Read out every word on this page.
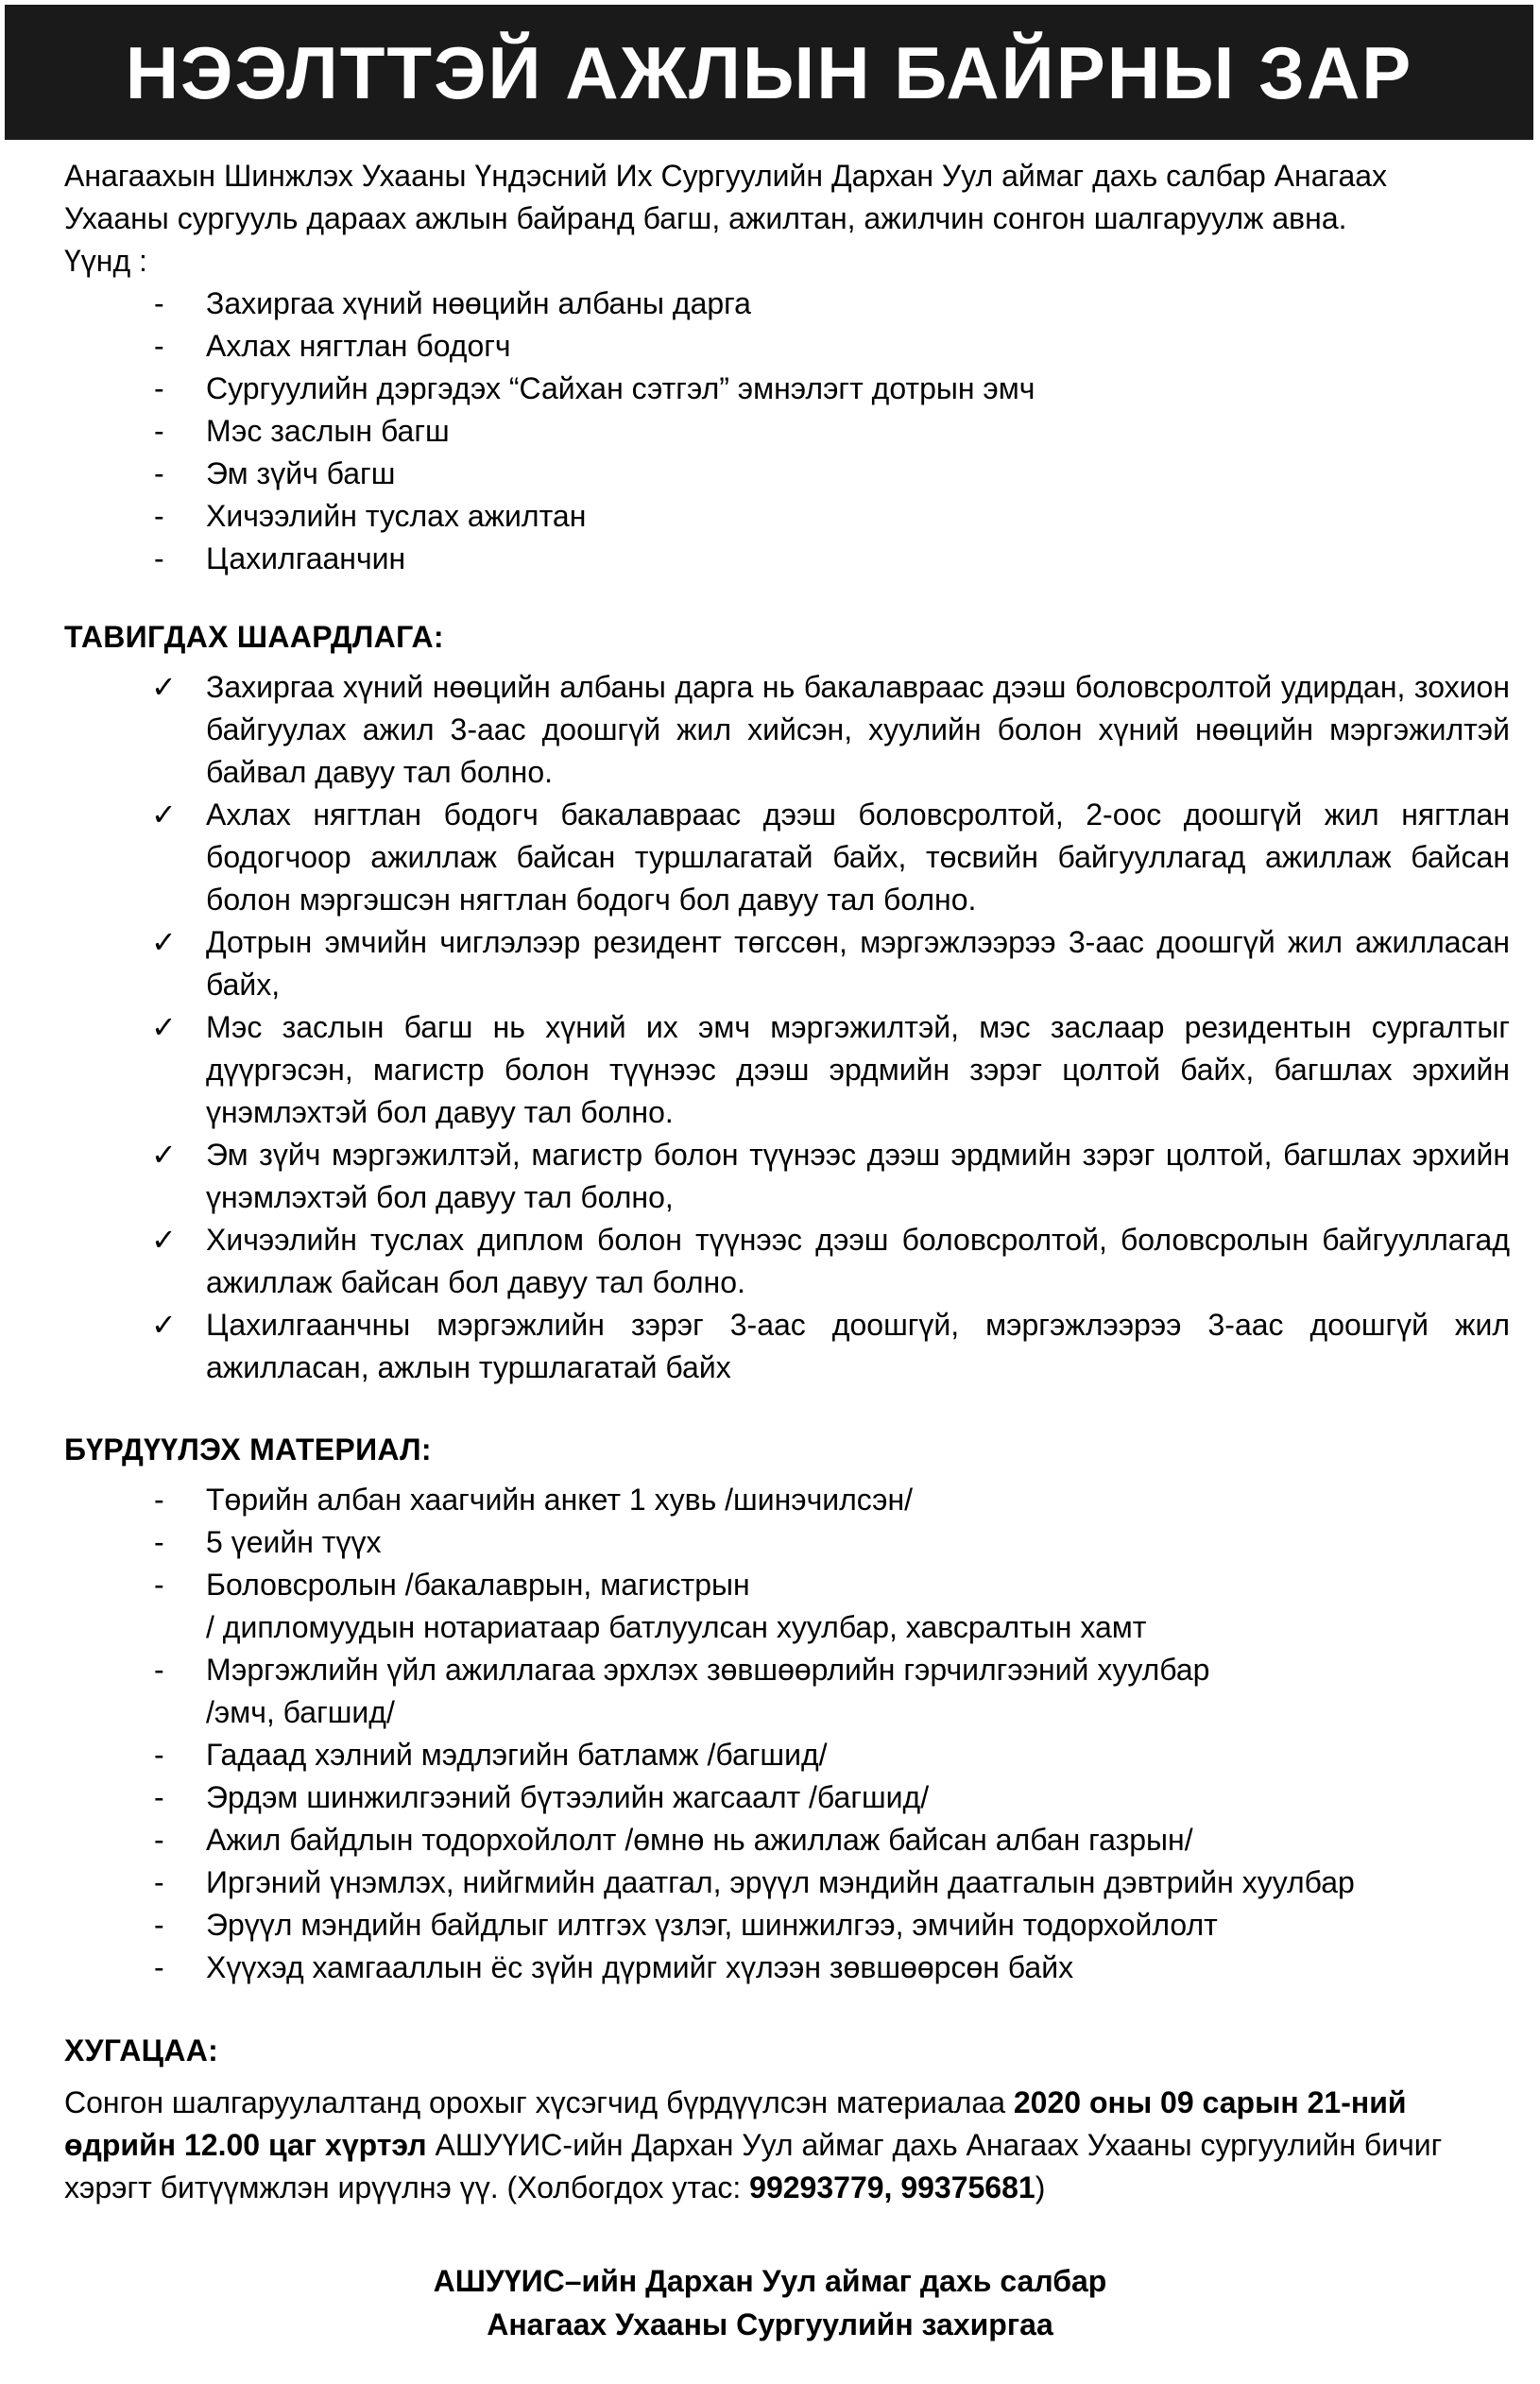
НЭЭЛТТЭЙ АЖЛЫН БАЙРНЫ ЗАР

Анагаахын Шинжлэх Ухааны Үндэсний Их Сургуулийн Дархан Уул аймаг дахь салбар Анагаах

Ухааны сургууль дараах ажлын байранд багш, ажилтан, ажилчин сонгон шалгаруулж авна.

Үүнд :

- Захиргаа хүний нөөцийн албаны дарга
- Ахлах нягтлан бодогч
- Сургуулийн дэргэдэх “Сайхан сэтгэл” эмнэлэгт дотрын эмч
- Мэс заслын багш
- Эм зүйч багш
- Хичээлийн туслах ажилтан
- Цахилгаанчин

ТАВИГДАХ ШААРДЛАГА:

✓ Захиргаа хүний нөөцийн албаны дарга нь бакалавраас дээш боловсролтой удирдан, зохион байгуулах ажил 3-аас доошгүй жил хийсэн, хуулийн болон хүний нөөцийн мэргэжилтэй байвал давуу тал болно.
✓ Ахлах нягтлан бодогч бакалавраас дээш боловсролтой, 2-оос доошгүй жил нягтлан бодогчоор ажиллаж байсан туршлагатай байх, төсвийн байгууллагад ажиллаж байсан болон мэргэшсэн нягтлан бодогч бол давуу тал болно.
✓ Дотрын эмчийн чиглэлээр резидент төгссөн, мэргэжлээрээ 3-аас доошгүй жил ажилласан байх,
✓ Мэс заслын багш нь хүний их эмч мэргэжилтэй, мэс заслаар резидентын сургалтыг дүүргэсэн, магистр болон түүнээс дээш эрдмийн зэрэг цолтой байх, багшлах эрхийн үнэмлэхтэй бол давуу тал болно.
✓ Эм зүйч мэргэжилтэй, магистр болон түүнээс дээш эрдмийн зэрэг цолтой, багшлах эрхийн үнэмлэхтэй бол давуу тал болно,
✓ Хичээлийн туслах диплом болон түүнээс дээш боловсролтой, боловсролын байгууллагад ажиллаж байсан бол давуу тал болно.
✓ Цахилгаанчны мэргэжлийн зэрэг 3-аас доошгүй, мэргэжлээрээ 3-аас доошгүй жил ажилласан, ажлын туршлагатай байх

БҮРДҮҮЛЭХ МАТЕРИАЛ:

- Төрийн албан хаагчийн анкет 1 хувь /шинэчилсэн/
- 5 үеийн түүх
- Боловсролын /бакалаврын, магистрын
/ дипломуудын нотариатаар батлуулсан хуулбар, хавсралтын хамт
- Мэргэжлийн үйл ажиллагаа эрхлэх зөвшөөрлийн гэрчилгээний хуулбар
/эмч, багшид/
- Гадаад хэлний мэдлэгийн батламж /багшид/
- Эрдэм шинжилгээний бүтээлийн жагсаалт /багшид/
- Ажил байдлын тодорхойлолт /өмнө нь ажиллаж байсан албан газрын/
- Иргэний үнэмлэх, нийгмийн даатгал, эрүүл мэндийн даатгалын дэвтрийн хуулбар
- Эрүүл мэндийн байдлыг илтгэх үзлэг, шинжилгээ, эмчийн тодорхойлолт
- Хүүхэд хамгааллын ёс зүйн дүрмийг хүлээн зөвшөөрсөн байх

ХУГАЦАА:

Сонгон шалгаруулалтанд орохыг хүсэгчид бүрдүүлсэн материалаа 2020 оны 09 сарын 21-ний өдрийн 12.00 цаг хүртэл АШУҮИС-ийн Дархан Уул аймаг дахь Анагаах Ухааны сургуулийн бичиг хэрэгт битүүмжлэн ирүүлнэ үү. (Холбогдох утас: 99293779, 99375681)

АШУҮИС–ийн Дархан Уул аймаг дахь салбар
Анагаах Ухааны Сургуулийн захиргаа
